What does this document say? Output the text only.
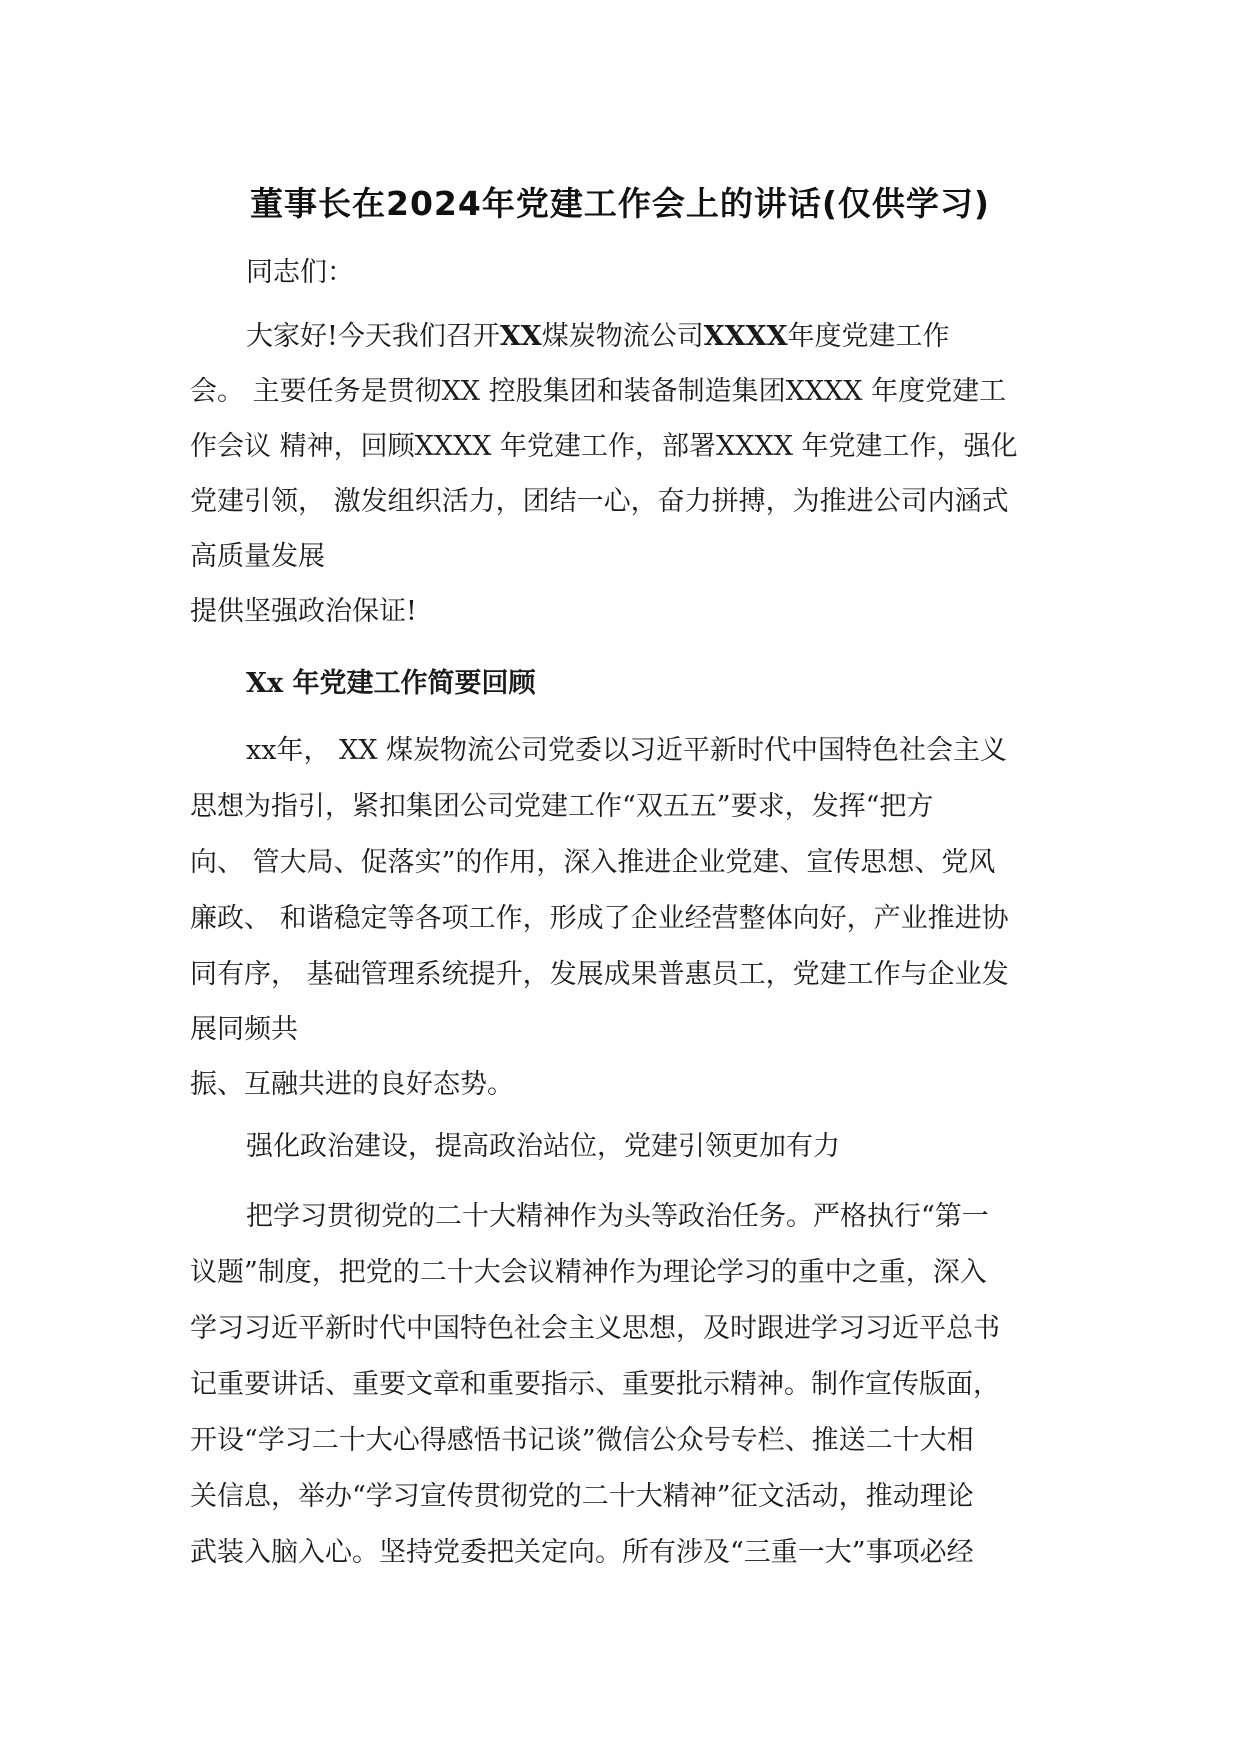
董事长在2024年党建工作会上的讲话(仅供学习)
同志们：
大家好!今天我们召开XX煤炭物流公司XXXX年度党建工作
会。 主要任务是贯彻XX 控股集团和装备制造集团XXXX 年度党建工
作会议 精神，回顾XXXX 年党建工作，部署XXXX 年党建工作，强化
党建引领， 激发组织活力，团结一心，奋力拼搏，为推进公司内涵式
高质量发展
提供坚强政治保证!
Xx 年党建工作简要回顾
xx年， XX 煤炭物流公司党委以习近平新时代中国特色社会主义
思想为指引，紧扣集团公司党建工作“双五五”要求，发挥“把方
向、 管大局、促落实”的作用，深入推进企业党建、宣传思想、党风
廉政、 和谐稳定等各项工作，形成了企业经营整体向好，产业推进协
同有序， 基础管理系统提升，发展成果普惠员工，党建工作与企业发
展同频共
振、互融共进的良好态势。
强化政治建设，提高政治站位，党建引领更加有力
把学习贯彻党的二十大精神作为头等政治任务。严格执行“第一
议题”制度，把党的二十大会议精神作为理论学习的重中之重，深入
学习习近平新时代中国特色社会主义思想，及时跟进学习习近平总书
记重要讲话、重要文章和重要指示、重要批示精神。制作宣传版面，
开设“学习二十大心得感悟书记谈”微信公众号专栏、推送二十大相
关信息，举办“学习宣传贯彻党的二十大精神”征文活动，推动理论
武装入脑入心。坚持党委把关定向。所有涉及“三重一大”事项必经
